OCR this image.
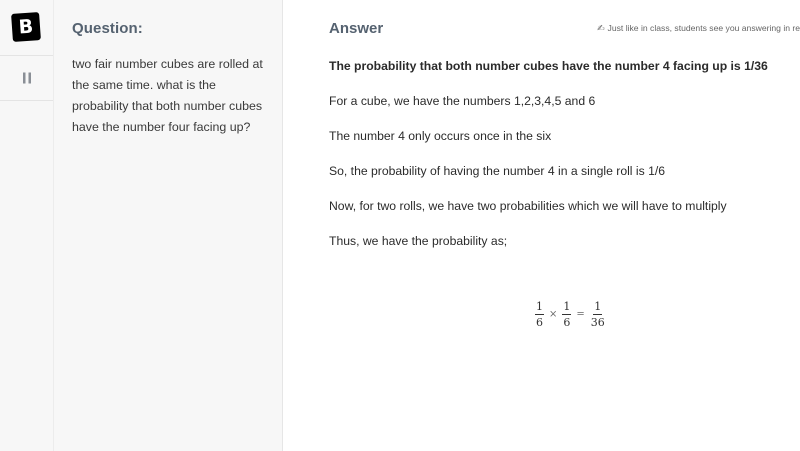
B	Question:

two fair number cubes are rolled at the same time. what is the probability that both number cubes have the number four facing up?

Answer	✍ Just like in class, students see you answering in re

The probability that both number cubes have the number 4 facing up is 1/36

For a cube, we have the numbers 1,2,3,4,5 and 6

The number 4 only occurs once in the six

So, the probability of having the number 4 in a single roll is 1/6

Now, for two rolls, we have two probabilities which we will have to multiply

Thus, we have the probability as;

$\frac{1}{6} \times \frac{1}{6} = \frac{1}{36}$
